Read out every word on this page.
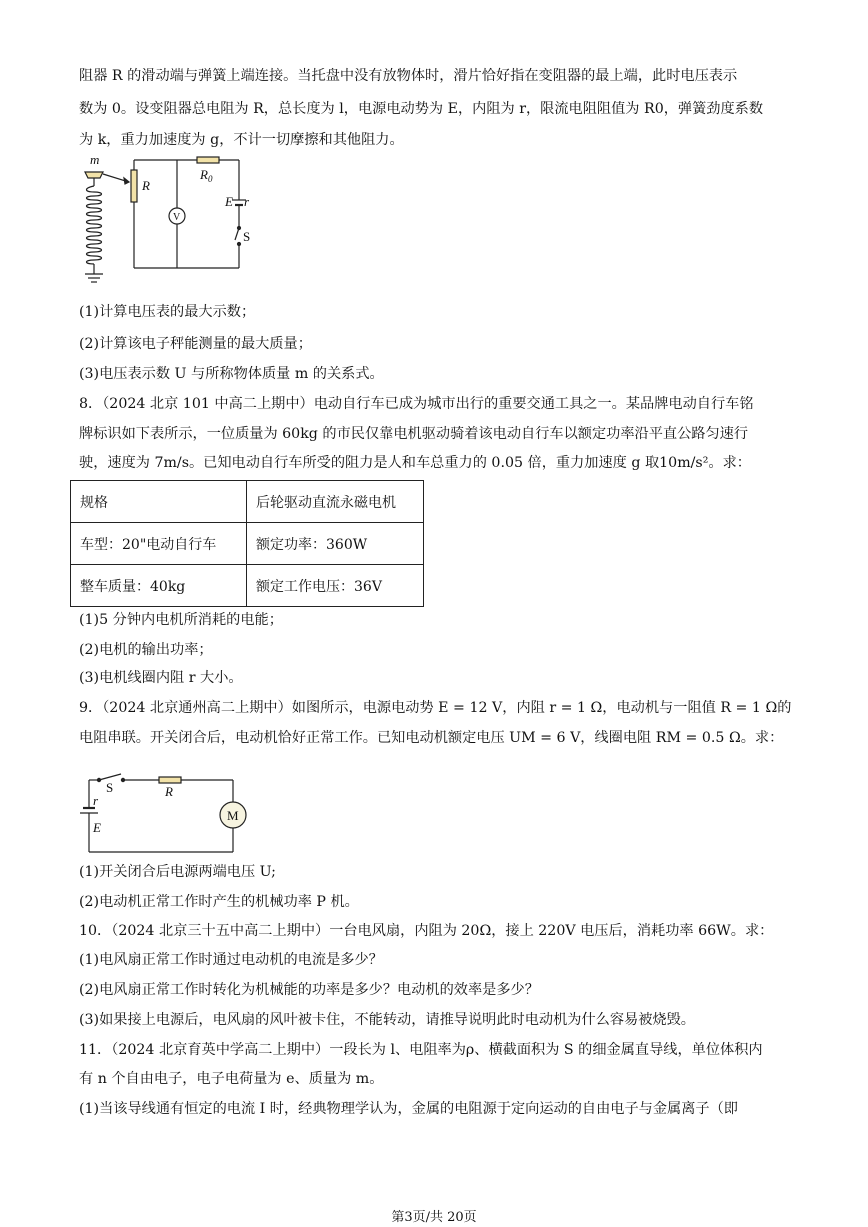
阻器 R 的滑动端与弹簧上端连接。当托盘中没有放物体时，滑片恰好指在变阻器的最上端，此时电压表示
数为 0。设变阻器总电阻为 R，总长度为 l，电源电动势为 E，内阻为 r，限流电阻阻值为 R0，弹簧劲度系数
为 k，重力加速度为 g，不计一切摩擦和其他阻力。
m
R
$R_0$
E r
S
V
(1)计算电压表的最大示数；
(2)计算该电子秤能测量的最大质量；
(3)电压表示数 U 与所称物体质量 m 的关系式。
8．（2024 北京 101 中高二上期中）电动自行车已成为城市出行的重要交通工具之一。某品牌电动自行车铭
牌标识如下表所示，一位质量为 60kg 的市民仅靠电机驱动骑着该电动自行车以额定功率沿平直公路匀速行
驶，速度为 7m/s。已知电动自行车所受的阻力是人和车总重力的 0.05 倍，重力加速度 g 取10m/s²。求：
规格	后轮驱动直流永磁电机
车型：20"电动自行车	额定功率：360W
整车质量：40kg	额定工作电压：36V
(1)5 分钟内电机所消耗的电能；
(2)电机的输出功率；
(3)电机线圈内阻 r 大小。
9．（2024 北京通州高二上期中）如图所示，电源电动势 E = 12 V，内阻 r = 1 Ω，电动机与一阻值 R = 1 Ω的
电阻串联。开关闭合后，电动机恰好正常工作。已知电动机额定电压 UM = 6 V，线圈电阻 RM = 0.5 Ω。求：
S	R
r
E
M
(1)开关闭合后电源两端电压 U;
(2)电动机正常工作时产生的机械功率 P 机。
10．（2024 北京三十五中高二上期中）一台电风扇，内阻为 20Ω，接上 220V 电压后，消耗功率 66W。求：
(1)电风扇正常工作时通过电动机的电流是多少？
(2)电风扇正常工作时转化为机械能的功率是多少？电动机的效率是多少？
(3)如果接上电源后，电风扇的风叶被卡住，不能转动，请推导说明此时电动机为什么容易被烧毁。
11．（2024 北京育英中学高二上期中）一段长为 l、电阻率为ρ、横截面积为 S 的细金属直导线，单位体积内
有 n 个自由电子，电子电荷量为 e、质量为 m。
(1)当该导线通有恒定的电流 I 时，经典物理学认为，金属的电阻源于定向运动的自由电子与金属离子（即
第3页/共 20页
